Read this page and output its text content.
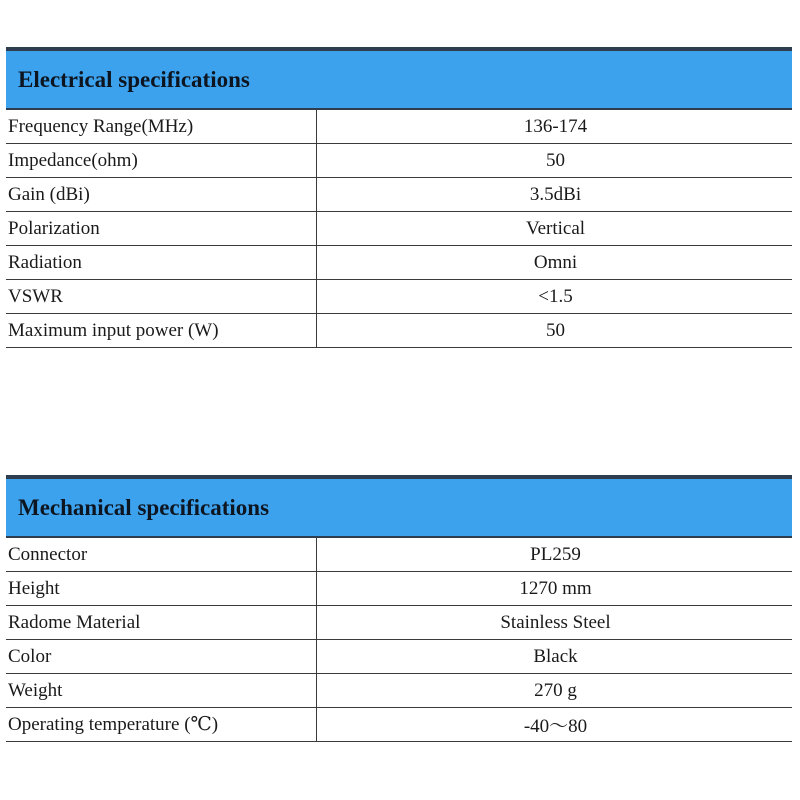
Electrical specifications
Frequency Range(MHz)	136-174
Impedance(ohm)	50
Gain (dBi)	3.5dBi
Polarization	Vertical
Radiation	Omni
VSWR	<1.5
Maximum input power (W)	50
Mechanical specifications
Connector	PL259
Height	1270 mm
Radome Material	Stainless Steel
Color	Black
Weight	270 g
Operating temperature (℃)	-40～80
